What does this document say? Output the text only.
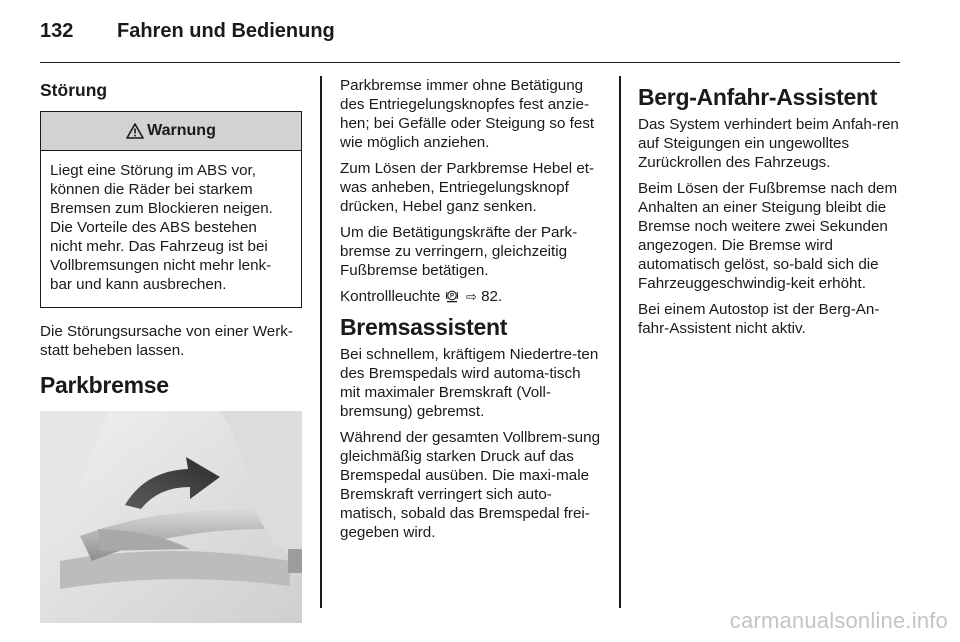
132 Fahren und Bedienung
Störung
Warnung

Liegt eine Störung im ABS vor, können die Räder bei starkem Bremsen zum Blockieren neigen. Die Vorteile des ABS bestehen nicht mehr. Das Fahrzeug ist bei Vollbremsungen nicht mehr lenk-bar und kann ausbrechen.

Die Störungsursache von einer Werk-statt beheben lassen.

Parkbremse

Parkbremse immer ohne Betätigung des Entriegelungsknopfes fest anzie-hen; bei Gefälle oder Steigung so fest wie möglich anziehen.

Zum Lösen der Parkbremse Hebel et-was anheben, Entriegelungsknopf drücken, Hebel ganz senken.

Um die Betätigungskräfte der Park-bremse zu verringern, gleichzeitig Fußbremse betätigen.

Kontrollleuchte P ⇨ 82.

Bremsassistent

Bei schnellem, kräftigem Niedertre-ten des Bremspedals wird automa-tisch mit maximaler Bremskraft (Voll-bremsung) gebremst.

Während der gesamten Vollbrem-sung gleichmäßig starken Druck auf das Bremspedal ausüben. Die maxi-male Bremskraft verringert sich auto-matisch, sobald das Bremspedal frei-gegeben wird.

Berg-Anfahr-Assistent

Das System verhindert beim Anfah-ren auf Steigungen ein ungewolltes Zurückrollen des Fahrzeugs.

Beim Lösen der Fußbremse nach dem Anhalten an einer Steigung bleibt die Bremse noch weitere zwei Sekunden angezogen. Die Bremse wird automatisch gelöst, so-bald sich die Fahrzeuggeschwindig-keit erhöht.

Bei einem Autostop ist der Berg-An-fahr-Assistent nicht aktiv.

carmanualsonline.info
